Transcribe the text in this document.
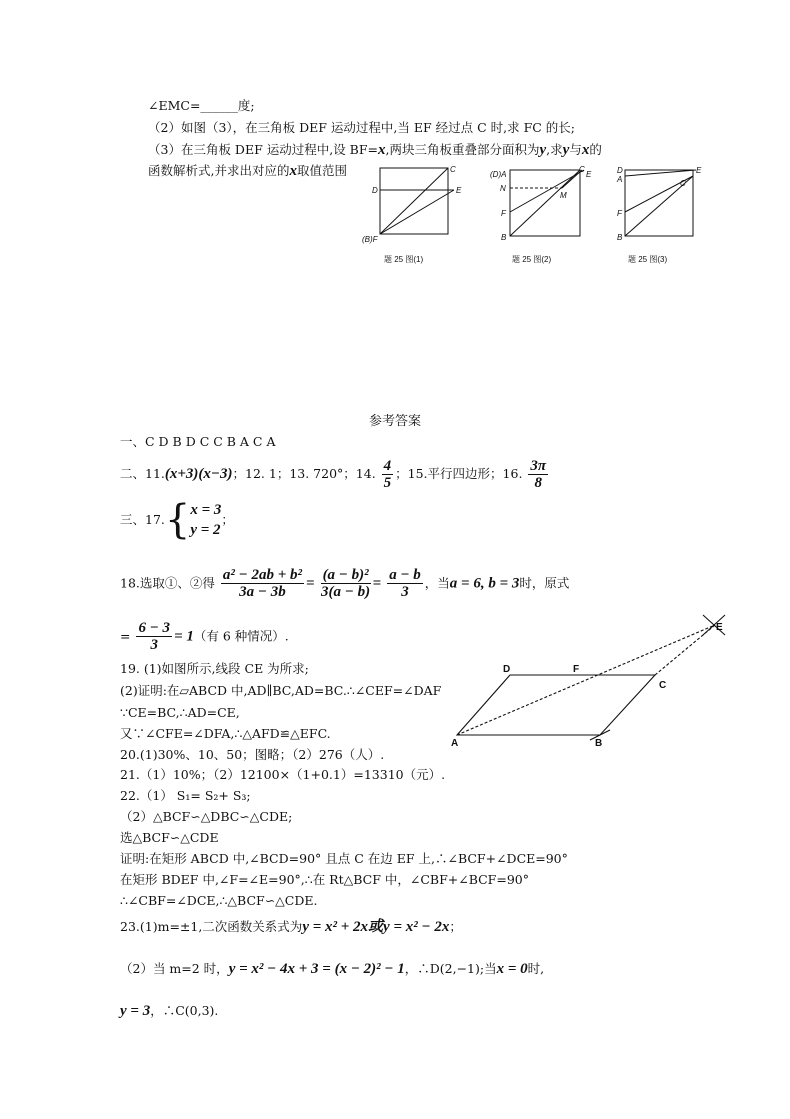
∠EMC=______度;
（2）如图（3），在三角板 DEF 运动过程中,当 EF 经过点 C 时,求 FC 的长;
（3）在三角板 DEF 运动过程中,设 BF=x,两块三角板重叠部分面积为y,求y与x的
函数解析式,并求出对应的x取值范围	C
D	E
(B)F
C
(D)A	E
N
M
F
B
D
A
E
C
F
B
题 25 图(1)	题 25 图(2)	题 25 图(3)
参考答案
一、C D B D C C B A C A
二、11.(x+3)(x−3)；12. 1；13. 720°；14. $\frac{4}{5}$ ；15.平行四边形；16. $\frac{3\pi}{8}$
三、17.{ x = 3
y = 2
；
18.选取①、②得 $\frac{\text{a² − 2ab + b²}}{3a - 3b} = \frac{\text{(a − b)²}}{3(a - b)} = \frac{a - b}{3}$ ，当a = 6, b = 3时，原式
= $\frac{6 - 3}{3} = 1$（有 6 种情况）.
19. (1)如图所示,线段 CE 为所求;
(2)证明:在▱ABCD 中,AD∥BC,AD=BC.∴∠CEF=∠DAF
∵CE=BC,∴AD=CE,
又∵∠CFE=∠DFA,∴△AFD≌△EFC.
A	B
C
D
E
F
20.(1)30%、10、50；图略；（2）276（人）.
21.（1）10%；（2）12100×（1+0.1）=13310（元）.
22.（1） S₁= S₂+ S₃;
（2）△BCF∽△DBC∽△CDE;
选△BCF∽△CDE
证明:在矩形 ABCD 中,∠BCD=90° 且点 C 在边 EF 上,∴∠BCF+∠DCE=90°
在矩形 BDEF 中,∠F=∠E=90°,∴在 Rt△BCF 中，∠CBF+∠BCF=90°
∴∠CBF=∠DCE,∴△BCF∽△CDE.
23.(1)m=±1,二次函数关系式为y = x² + 2x或y = x² − 2x；
（2）当 m=2 时，y = x² − 4x + 3 = (x − 2)² − 1，∴D(2,−1);当x = 0时,
y = 3，∴C(0,3).
